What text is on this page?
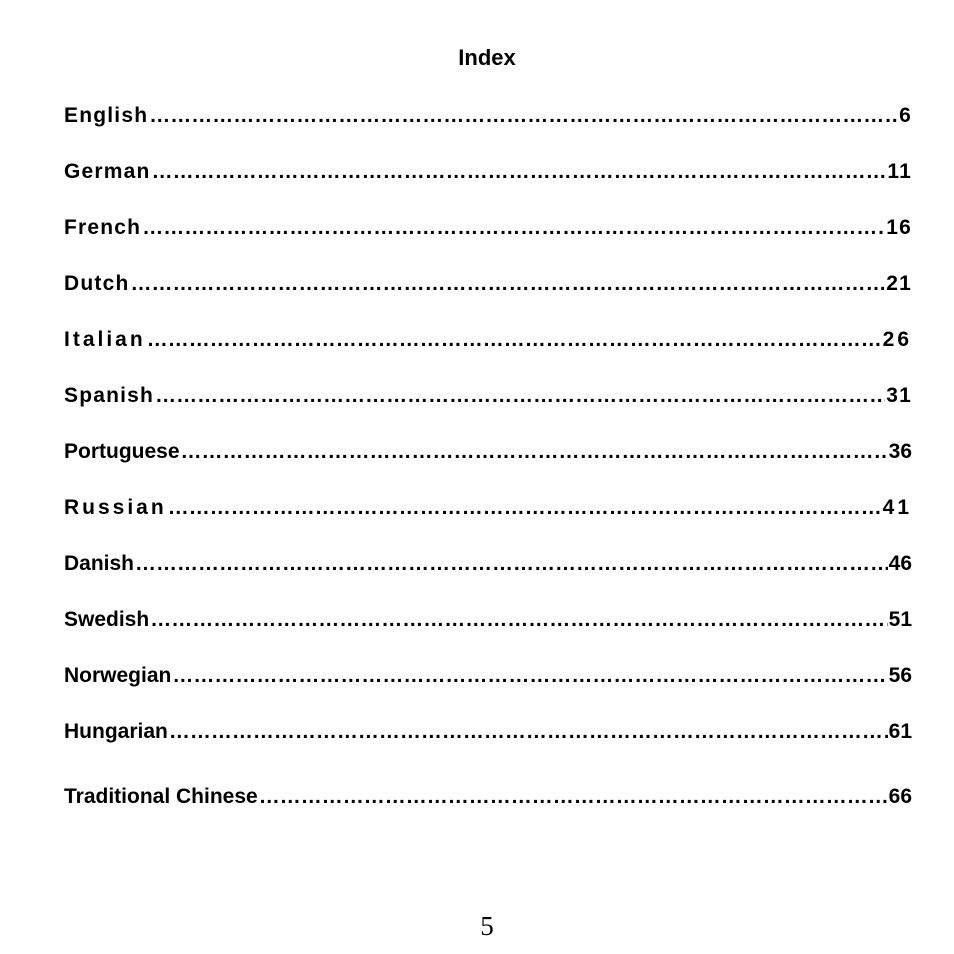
Index
English ……………………………………………………………………………………………………………………………………………………	6
German ……………………………………………………………………………………………………………………………………………………	11
French ……………………………………………………………………………………………………………………………………………………	16
Dutch ……………………………………………………………………………………………………………………………………………………	21
Italian ……………………………………………………………………………………………………………………………………………………	26
Spanish ……………………………………………………………………………………………………………………………………………………	31
Portuguese ……………………………………………………………………………………………………………………………………………………	36
Russian ……………………………………………………………………………………………………………………………………………………	41
Danish ……………………………………………………………………………………………………………………………………………………	46
Swedish ……………………………………………………………………………………………………………………………………………………	51
Norwegian ……………………………………………………………………………………………………………………………………………………	56
Hungarian ……………………………………………………………………………………………………………………………………………………	61
Traditional Chinese ……………………………………………………………………………………………………………………………………………………	66
5
